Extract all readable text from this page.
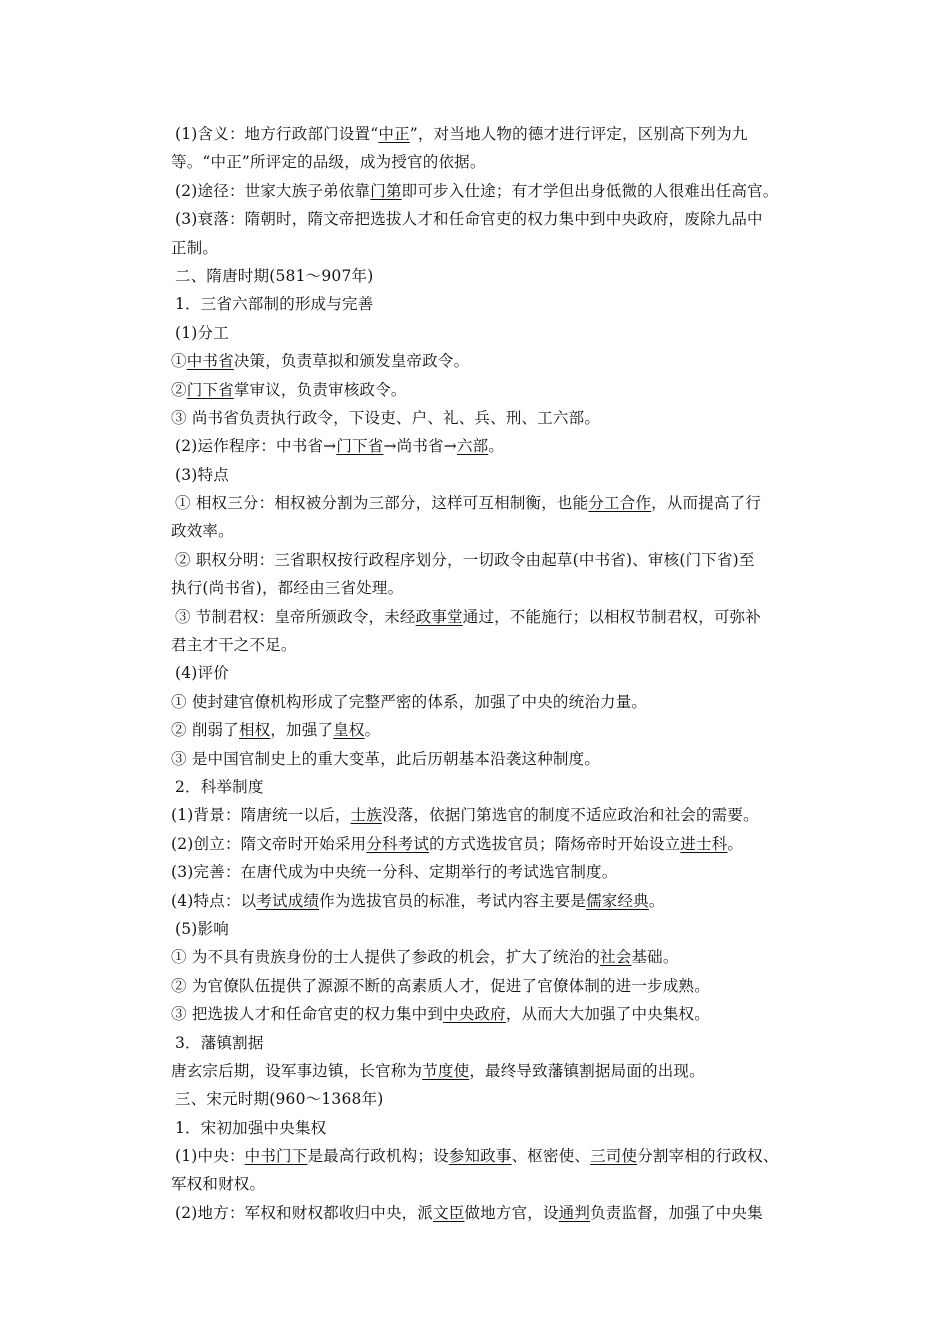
(1)含义：地方行政部门设置“中正”，对当地人物的德才进行评定，区别高下列为九
等。“中正”所评定的品级，成为授官的依据。
(2)途径：世家大族子弟依靠门第即可步入仕途；有才学但出身低微的人很难出任高官。
(3)衰落：隋朝时，隋文帝把选拔人才和任命官吏的权力集中到中央政府，废除九品中
正制。
二、隋唐时期(581～907年)
1．三省六部制的形成与完善
(1)分工
①中书省决策，负责草拟和颁发皇帝政令。
②门下省掌审议，负责审核政令。
③ 尚书省负责执行政令，下设吏、户、礼、兵、刑、工六部。
(2)运作程序：中书省→门下省→尚书省→六部。
(3)特点
① 相权三分：相权被分割为三部分，这样可互相制衡，也能分工合作，从而提高了行
政效率。
② 职权分明：三省职权按行政程序划分，一切政令由起草(中书省)、审核(门下省)至
执行(尚书省)，都经由三省处理。
③ 节制君权：皇帝所颁政令，未经政事堂通过，不能施行；以相权节制君权，可弥补
君主才干之不足。
(4)评价
① 使封建官僚机构形成了完整严密的体系，加强了中央的统治力量。
② 削弱了相权，加强了皇权。
③ 是中国官制史上的重大变革，此后历朝基本沿袭这种制度。
2．科举制度
(1)背景：隋唐统一以后，士族没落，依据门第选官的制度不适应政治和社会的需要。
(2)创立：隋文帝时开始采用分科考试的方式选拔官员；隋炀帝时开始设立进士科。
(3)完善：在唐代成为中央统一分科、定期举行的考试选官制度。
(4)特点：以考试成绩作为选拔官员的标准，考试内容主要是儒家经典。
(5)影响
① 为不具有贵族身份的士人提供了参政的机会，扩大了统治的社会基础。
② 为官僚队伍提供了源源不断的高素质人才，促进了官僚体制的进一步成熟。
③ 把选拔人才和任命官吏的权力集中到中央政府，从而大大加强了中央集权。
3．藩镇割据
唐玄宗后期，设军事边镇，长官称为节度使，最终导致藩镇割据局面的出现。
三、宋元时期(960～1368年)
1．宋初加强中央集权
(1)中央：中书门下是最高行政机构；设参知政事、枢密使、三司使分割宰相的行政权、
军权和财权。
(2)地方：军权和财权都收归中央，派文臣做地方官，设通判负责监督，加强了中央集
